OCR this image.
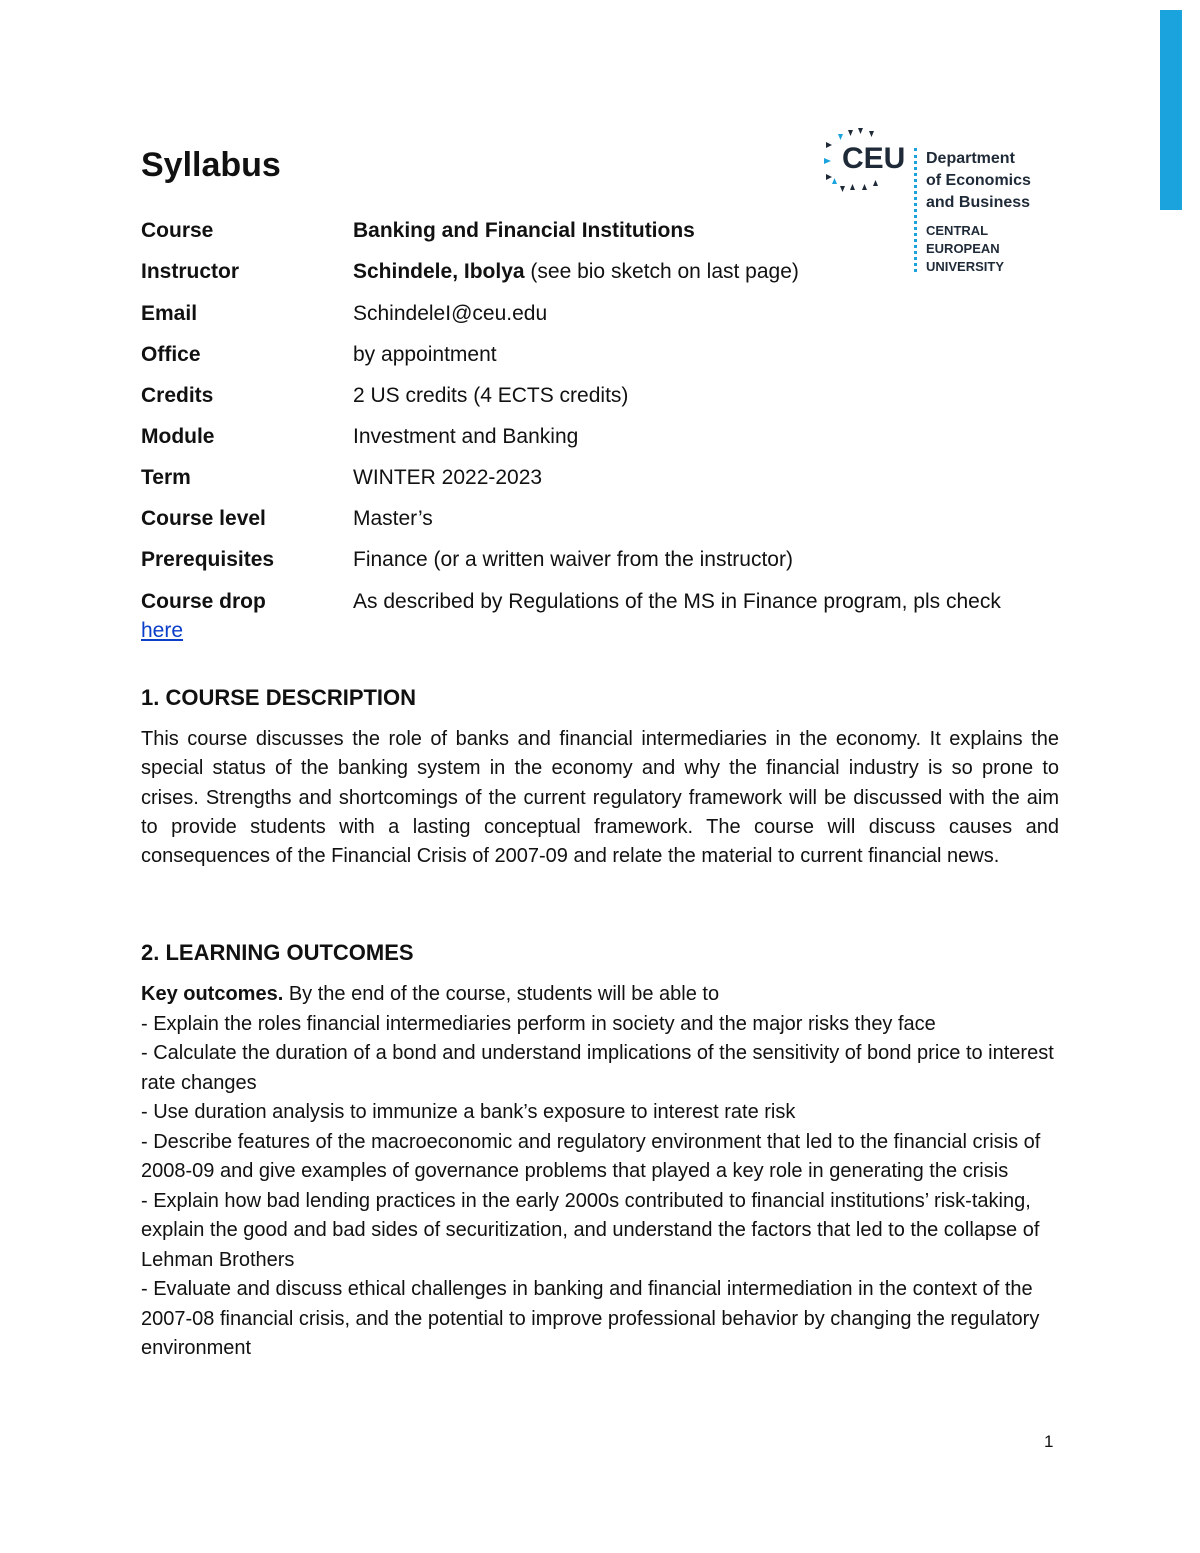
CEU Department
of Economics
and Business
CENTRAL
EUROPEAN
UNIVERSITY
Syllabus
Course	Banking and Financial Institutions
Instructor	Schindele, Ibolya (see bio sketch on last page)
Email	SchindeleI@ceu.edu
Office	by appointment
Credits	2 US credits (4 ECTS credits)
Module	Investment and Banking
Term	WINTER 2022-2023
Course level	Master’s
Prerequisites	Finance (or a written waiver from the instructor)
Course drop	As described by Regulations of the MS in Finance program, pls check
here
1. COURSE DESCRIPTION

This course discusses the role of banks and financial intermediaries in the economy. It explains the special status of the banking system in the economy and why the financial industry is so prone to crises. Strengths and shortcomings of the current regulatory framework will be discussed with the aim to provide students with a lasting conceptual framework. The course will discuss causes and consequences of the Financial Crisis of 2007-09 and relate the material to current financial news.

2. LEARNING OUTCOMES
Key outcomes. By the end of the course, students will be able to
- Explain the roles financial intermediaries perform in society and the major risks they face
- Calculate the duration of a bond and understand implications of the sensitivity of bond price to interest rate changes
- Use duration analysis to immunize a bank’s exposure to interest rate risk
- Describe features of the macroeconomic and regulatory environment that led to the financial crisis of 2008-09 and give examples of governance problems that played a key role in generating the crisis
- Explain how bad lending practices in the early 2000s contributed to financial institutions’ risk-taking, explain the good and bad sides of securitization, and understand the factors that led to the collapse of Lehman Brothers
- Evaluate and discuss ethical challenges in banking and financial intermediation in the context of the 2007-08 financial crisis, and the potential to improve professional behavior by changing the regulatory environment
1
